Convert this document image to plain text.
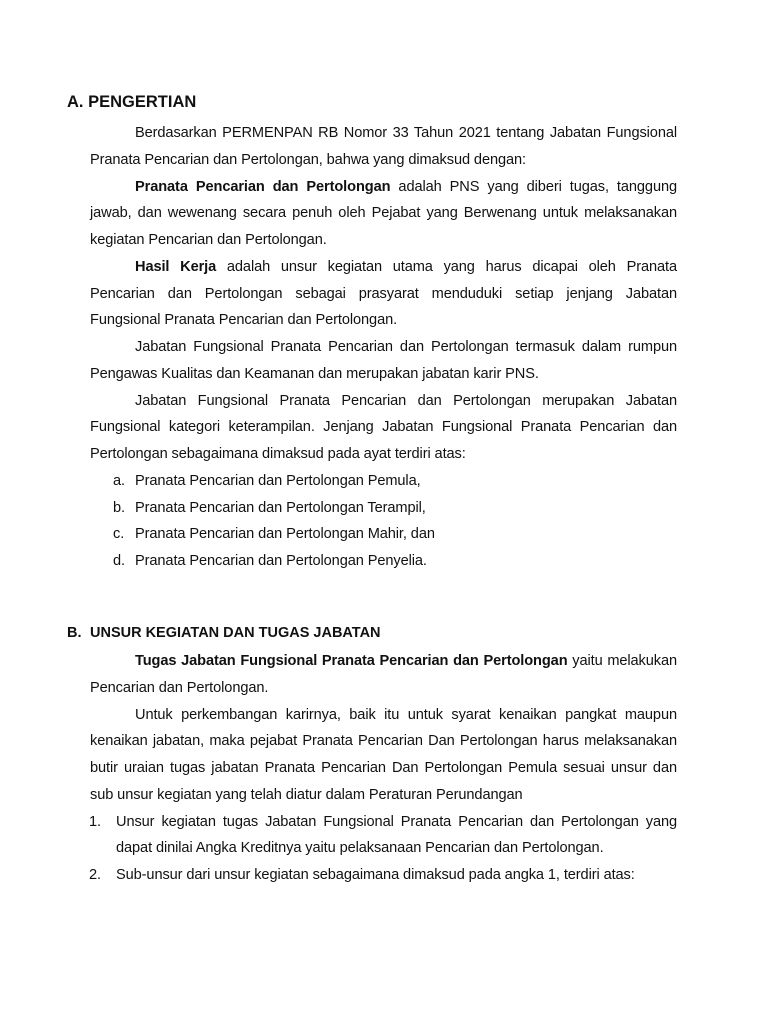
A. PENGERTIAN

Berdasarkan PERMENPAN RB Nomor 33 Tahun 2021 tentang Jabatan Fungsional Pranata Pencarian dan Pertolongan, bahwa yang dimaksud dengan:

Pranata Pencarian dan Pertolongan adalah PNS yang diberi tugas, tanggung jawab, dan wewenang secara penuh oleh Pejabat yang Berwenang untuk melaksanakan kegiatan Pencarian dan Pertolongan.

Hasil Kerja adalah unsur kegiatan utama yang harus dicapai oleh Pranata Pencarian dan Pertolongan sebagai prasyarat menduduki setiap jenjang Jabatan Fungsional Pranata Pencarian dan Pertolongan.

Jabatan Fungsional Pranata Pencarian dan Pertolongan termasuk dalam rumpun Pengawas Kualitas dan Keamanan dan merupakan jabatan karir PNS.

Jabatan Fungsional Pranata Pencarian dan Pertolongan merupakan Jabatan Fungsional kategori keterampilan. Jenjang Jabatan Fungsional Pranata Pencarian dan Pertolongan sebagaimana dimaksud pada ayat terdiri atas:

a. Pranata Pencarian dan Pertolongan Pemula,
b. Pranata Pencarian dan Pertolongan Terampil,
c. Pranata Pencarian dan Pertolongan Mahir, dan
d. Pranata Pencarian dan Pertolongan Penyelia.
B. UNSUR KEGIATAN DAN TUGAS JABATAN

Tugas Jabatan Fungsional Pranata Pencarian dan Pertolongan yaitu melakukan Pencarian dan Pertolongan.

Untuk perkembangan karirnya, baik itu untuk syarat kenaikan pangkat maupun kenaikan jabatan, maka pejabat Pranata Pencarian Dan Pertolongan harus melaksanakan butir uraian tugas jabatan Pranata Pencarian Dan Pertolongan Pemula sesuai unsur dan sub unsur kegiatan yang telah diatur dalam Peraturan Perundangan

1. Unsur kegiatan tugas Jabatan Fungsional Pranata Pencarian dan Pertolongan yang dapat dinilai Angka Kreditnya yaitu pelaksanaan Pencarian dan Pertolongan.
2. Sub-unsur dari unsur kegiatan sebagaimana dimaksud pada angka 1, terdiri atas:
